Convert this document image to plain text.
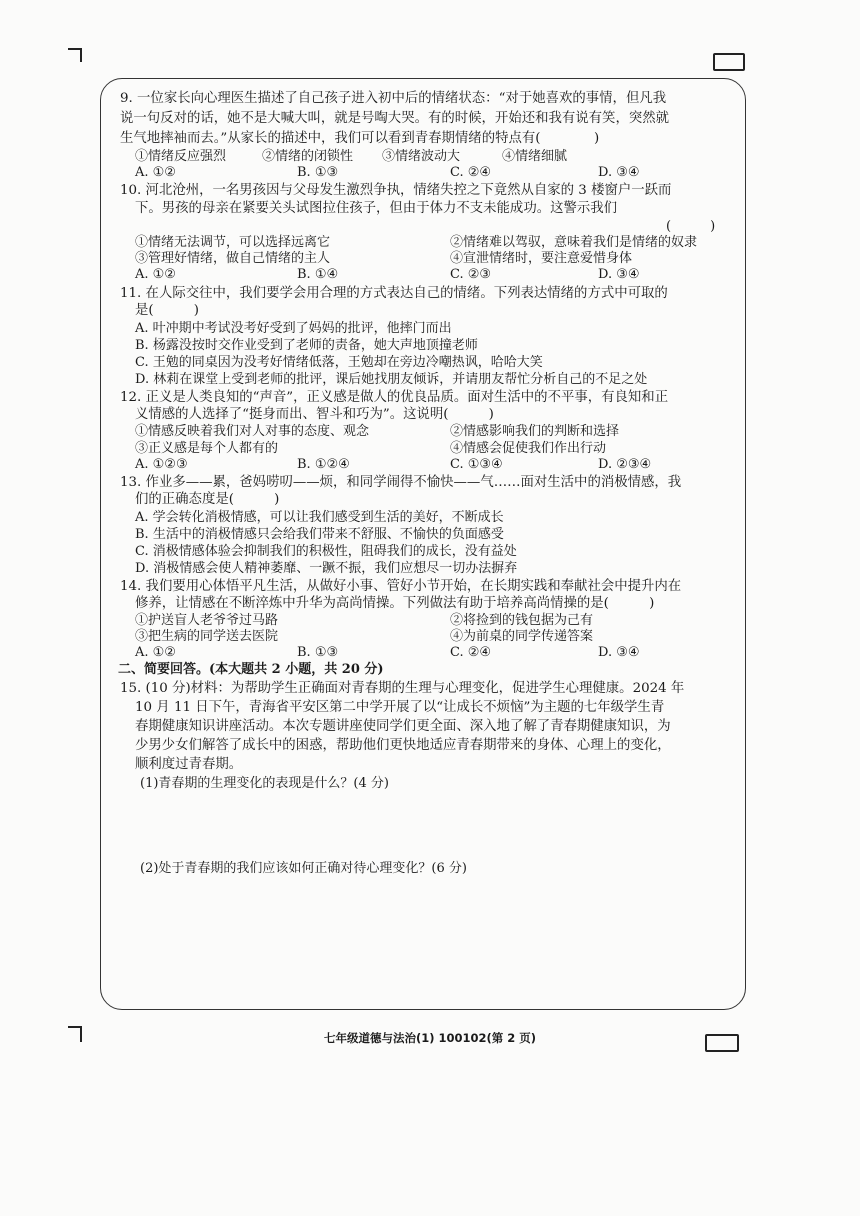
9. 一位家长向心理医生描述了自己孩子进入初中后的情绪状态：“对于她喜欢的事情，但凡我
说一句反对的话，她不是大喊大叫，就是号啕大哭。有的时候，开始还和我有说有笑，突然就
生气地摔袖而去。”从家长的描述中，我们可以看到青春期情绪的特点有(　　　　)
①情绪反应强烈	②情绪的闭锁性 ③情绪波动大	④情绪细腻
A. ①②	B. ①③	C. ②④	D. ③④
10. 河北沧州，一名男孩因与父母发生激烈争执，情绪失控之下竟然从自家的 3 楼窗户一跃而
下。男孩的母亲在紧要关头试图拉住孩子，但由于体力不支未能成功。这警示我们
(　　　)
①情绪无法调节，可以选择远离它	②情绪难以驾驭，意味着我们是情绪的奴隶
③管理好情绪，做自己情绪的主人	④宣泄情绪时，要注意爱惜身体
A. ①②	B. ①④	C. ②③	D. ③④
11. 在人际交往中，我们要学会用合理的方式表达自己的情绪。下列表达情绪的方式中可取的
是(　　　)
A. 叶冲期中考试没考好受到了妈妈的批评，他摔门而出
B. 杨露没按时交作业受到了老师的责备，她大声地顶撞老师
C. 王勉的同桌因为没考好情绪低落，王勉却在旁边冷嘲热讽，哈哈大笑
D. 林莉在课堂上受到老师的批评，课后她找朋友倾诉，并请朋友帮忙分析自己的不足之处
12. 正义是人类良知的“声音”，正义感是做人的优良品质。面对生活中的不平事，有良知和正
义情感的人选择了“挺身而出、智斗和巧为”。这说明(　　　)
①情感反映着我们对人对事的态度、观念	②情感影响我们的判断和选择
③正义感是每个人都有的	④情感会促使我们作出行动
A. ①②③	B. ①②④	C. ①③④	D. ②③④
13. 作业多——累，爸妈唠叨——烦，和同学闹得不愉快——气……面对生活中的消极情感，我
们的正确态度是(　　　)
A. 学会转化消极情感，可以让我们感受到生活的美好，不断成长
B. 生活中的消极情感只会给我们带来不舒服、不愉快的负面感受
C. 消极情感体验会抑制我们的积极性，阻碍我们的成长，没有益处
D. 消极情感会使人精神萎靡、一蹶不振，我们应想尽一切办法摒弃
14. 我们要用心体悟平凡生活，从做好小事、管好小节开始，在长期实践和奉献社会中提升内在
修养，让情感在不断淬炼中升华为高尚情操。下列做法有助于培养高尚情操的是(　　　)
①护送盲人老爷爷过马路	②将捡到的钱包据为己有
③把生病的同学送去医院	④为前桌的同学传递答案
A. ①②	B. ①③	C. ②④	D. ③④
二、简要回答。(本大题共 2 小题，共 20 分)
15. (10 分)材料：为帮助学生正确面对青春期的生理与心理变化，促进学生心理健康。2024 年
10 月 11 日下午，青海省平安区第二中学开展了以“让成长不烦恼”为主题的七年级学生青
春期健康知识讲座活动。本次专题讲座使同学们更全面、深入地了解了青春期健康知识，为
少男少女们解答了成长中的困惑，帮助他们更快地适应青春期带来的身体、心理上的变化，
顺利度过青春期。
(1)青春期的生理变化的表现是什么？(4 分)
(2)处于青春期的我们应该如何正确对待心理变化？(6 分)
七年级道德与法治(1) 100102(第 2 页)
